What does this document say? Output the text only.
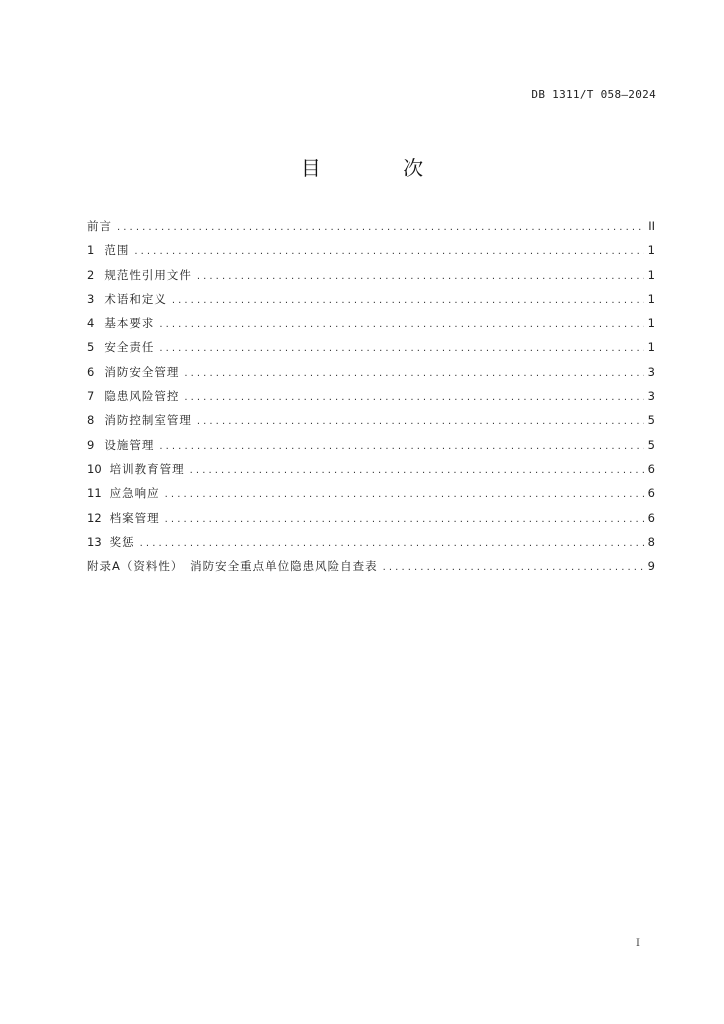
DB 1311/T 058—2024
目 次
前言 .....	II
1 范围 .....	1
2 规范性引用文件 .....	1
3 术语和定义 .....	1
4 基本要求 .....	1
5 安全责任 .....	1
6 消防安全管理 .....	3
7 隐患风险管控 .....	3
8 消防控制室管理 .....	5
9 设施管理 .....	5
10 培训教育管理 .....	6
11 应急响应 .....	6
12 档案管理 .....	6
13 奖惩 .....	8
附录A（资料性）　消防安全重点单位隐患风险自查表 .....	9
I
